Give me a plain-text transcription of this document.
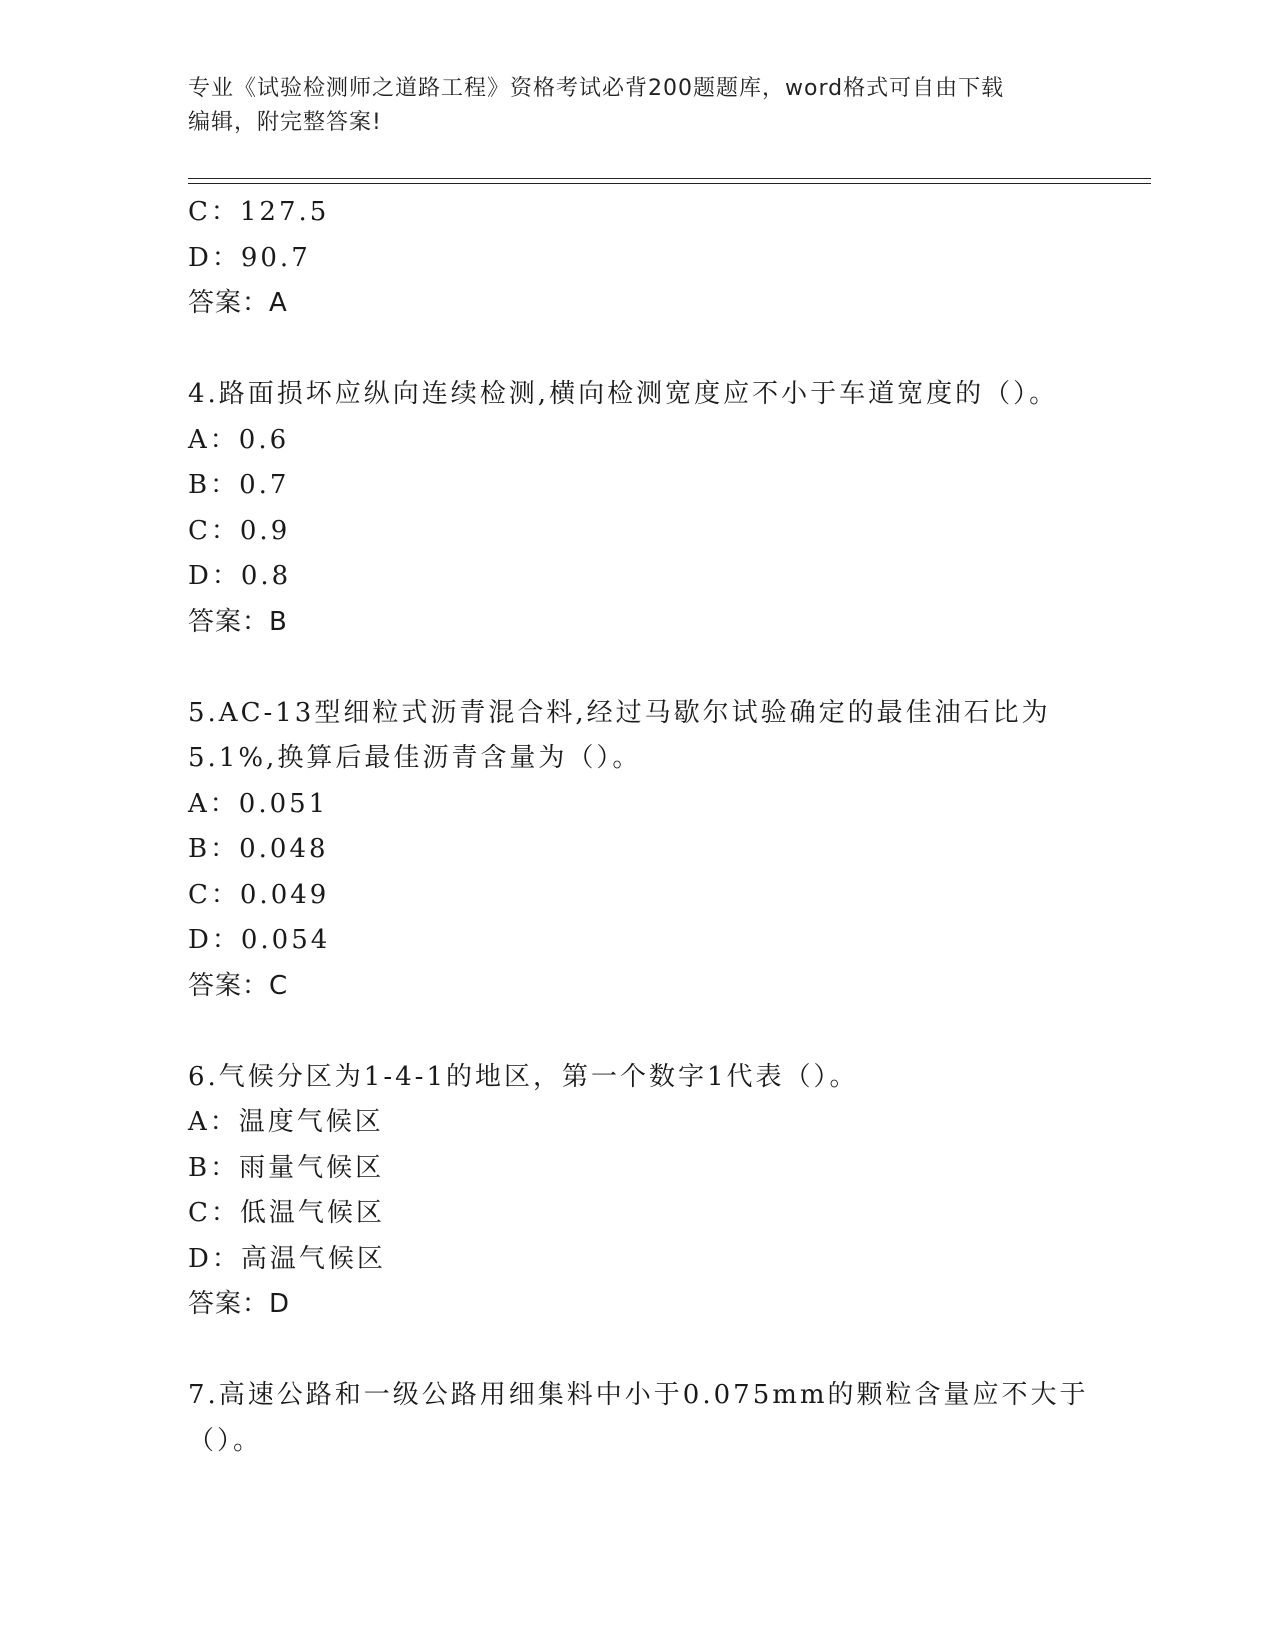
专业《试验检测师之道路工程》资格考试必背200题题库，word格式可自由下载
编辑，附完整答案!
C：127.5
D：90.7
答案：A
4.路面损坏应纵向连续检测,横向检测宽度应不小于车道宽度的（）。
A：0.6
B：0.7
C：0.9
D：0.8
答案：B
5.AC-13型细粒式沥青混合料,经过马歇尔试验确定的最佳油石比为
5.1%,换算后最佳沥青含量为（）。
A：0.051
B：0.048
C：0.049
D：0.054
答案：C
6.气候分区为1-4-1的地区，第一个数字1代表（）。
A：温度气候区
B：雨量气候区
C：低温气候区
D：高温气候区
答案：D
7.高速公路和一级公路用细集料中小于0.075mm的颗粒含量应不大于
（）。
